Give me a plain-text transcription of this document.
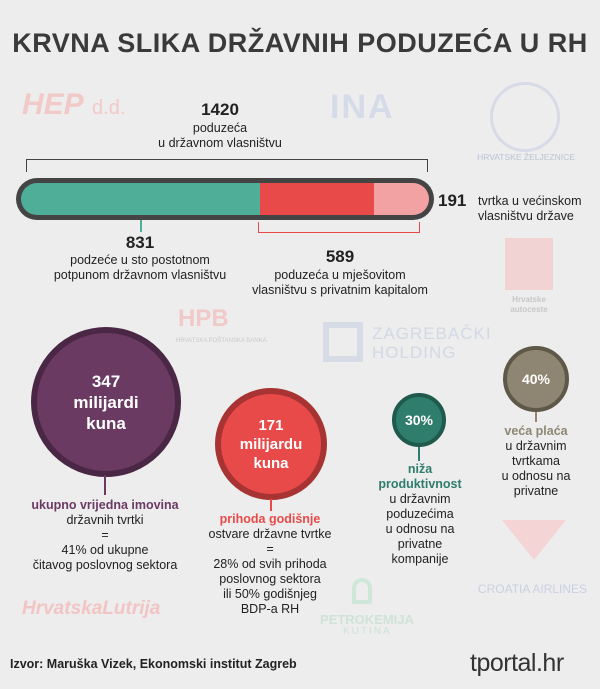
KRVNA SLIKA DRŽAVNIH PODUZEĆA U RH
HEP d.d.	INA
HRVATSKE ŽELJEZNICE
Hrvatske
autoceste
HPB
HRVATSKA POŠTANSKA BANKA	ZAGREBAČKI
HOLDING
HrvatskaLutrija
PETROKEMIJA
KUTINA
CROATIA AIRLINES
1420
poduzeća
u državnom vlasništvu
191 tvrtka u većinskom
vlasništvu države
831
podzeće u sto postotnom
potpunom državnom vlasništvu
589
poduzeća u mješovitom
vlasništvu s privatnim kapitalom
347
milijardi
kuna
ukupno vrijedna imovina
državnih tvrtki
=
41% od ukupne
čitavog poslovnog sektora
171
milijardu
kuna
prihoda godišnje
ostvare državne tvrtke
=
28% od svih prihoda
poslovnog sektora
ili 50% godišnjeg
BDP-a RH
30%
niža
produktivnost
u državnim
poduzećima
u odnosu na
privatne
kompanije
40%
veća plaća
u državnim
tvrtkama
u odnosu na
privatne
Izvor: Maruška Vizek, Ekonomski institut Zagreb	tportal.hr
